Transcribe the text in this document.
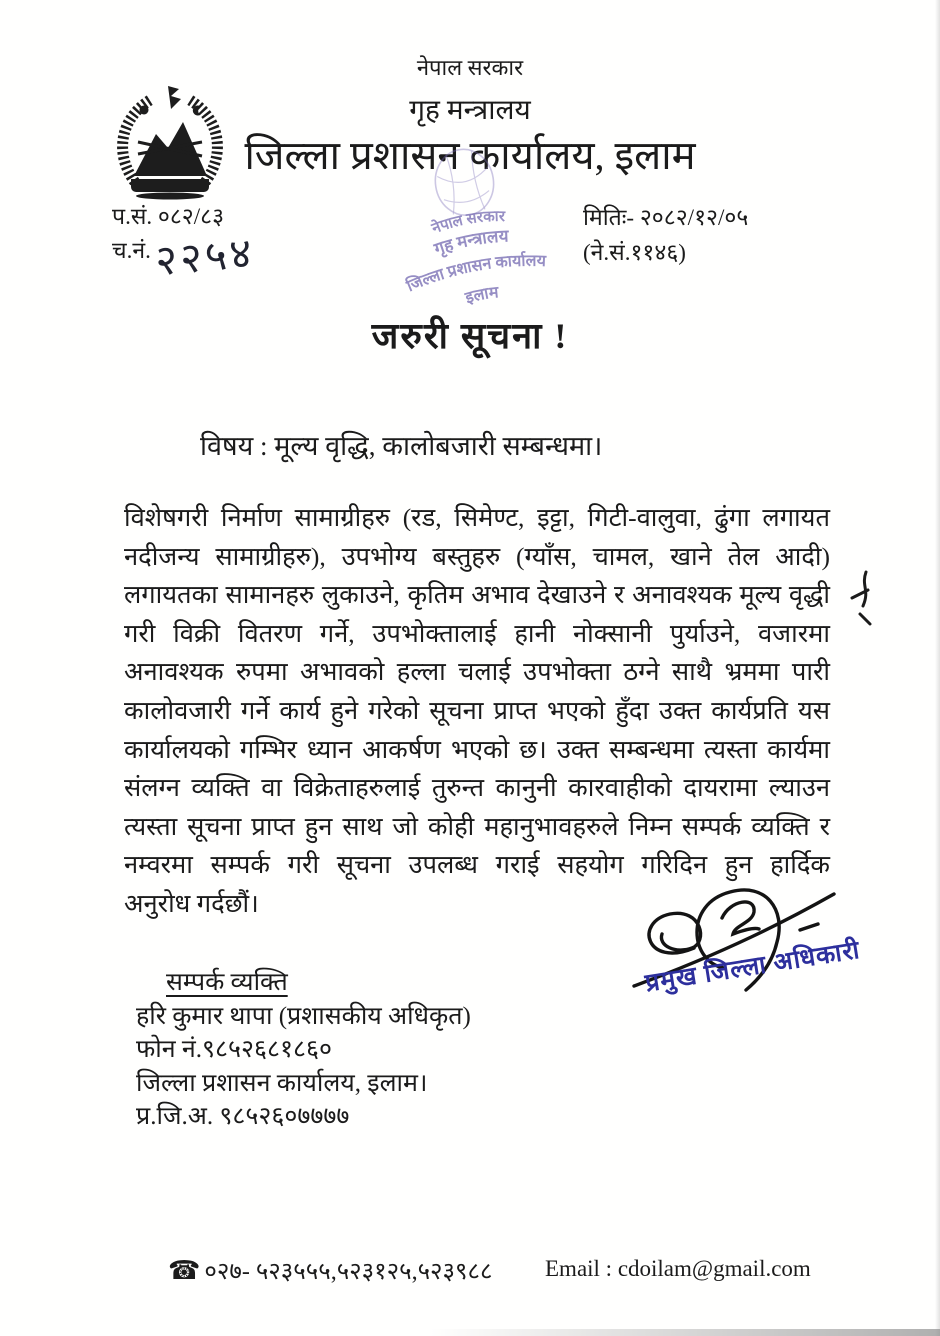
नेपाल सरकार
गृह मन्त्रालय
जिल्ला प्रशासन कार्यालय, इलाम
नेपाल सरकार
गृह मन्त्रालय
जिल्ला प्रशासन कार्यालय
इलाम
प.सं. ०८२/८३
च.नं. २२५४
मितिः- २०८२/१२/०५
(ने.सं.११४६)
जरुरी सूचना !
विषय : मूल्य वृद्धि, कालोबजारी सम्बन्धमा।
विशेषगरी निर्माण सामाग्रीहरु (रड, सिमेण्ट, इट्टा, गिटी-वालुवा, ढुंगा लगायत
नदीजन्य सामाग्रीहरु), उपभोग्य बस्तुहरु (ग्याँस, चामल, खाने तेल आदी)
लगायतका सामानहरु लुकाउने, कृतिम अभाव देखाउने र अनावश्यक मूल्य वृद्धी
गरी विक्री वितरण गर्ने, उपभोक्तालाई हानी नोक्सानी पुर्याउने, वजारमा
अनावश्यक रुपमा अभावको हल्ला चलाई उपभोक्ता ठग्ने साथै भ्रममा पारी
कालोवजारी गर्ने कार्य हुने गरेको सूचना प्राप्त भएको हुँदा उक्त कार्यप्रति यस
कार्यालयको गम्भिर ध्यान आकर्षण भएको छ। उक्त सम्बन्धमा त्यस्ता कार्यमा
संलग्न व्यक्ति वा विक्रेताहरुलाई तुरुन्त कानुनी कारवाहीको दायरामा ल्याउन
त्यस्ता सूचना प्राप्त हुन साथ जो कोही महानुभावहरुले निम्न सम्पर्क व्यक्ति र
नम्वरमा सम्पर्क गरी सूचना उपलब्ध गराई सहयोग गरिदिन हुन हार्दिक
अनुरोध गर्दछौं।
प्रमुख जिल्ला अधिकारी
सम्पर्क व्यक्ति
हरि कुमार थापा (प्रशासकीय अधिकृत)
फोन नं.९८५२६८१८६०
जिल्ला प्रशासन कार्यालय, इलाम।
प्र.जि.अ. ९८५२६०७७७७
☎ ०२७- ५२३५५५,५२३१२५,५२३९८८ Email : cdoilam@gmail.com
